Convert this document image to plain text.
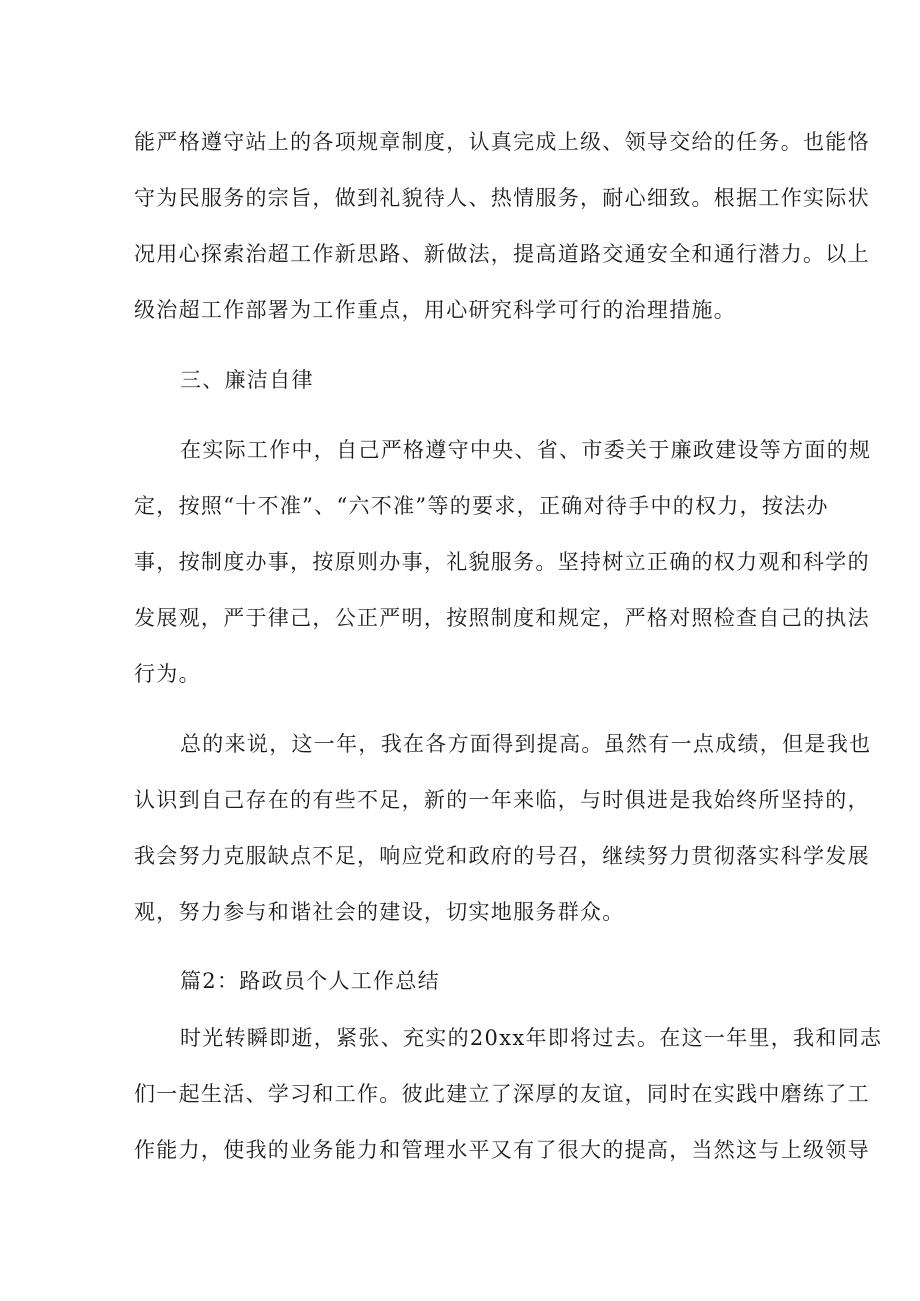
能严格遵守站上的各项规章制度，认真完成上级、领导交给的任务。也能恪
守为民服务的宗旨，做到礼貌待人、热情服务，耐心细致。根据工作实际状
况用心探索治超工作新思路、新做法，提高道路交通安全和通行潜力。以上
级治超工作部署为工作重点，用心研究科学可行的治理措施。
三、廉洁自律
在实际工作中，自己严格遵守中央、省、市委关于廉政建设等方面的规
定，按照“十不准”、“六不准”等的要求，正确对待手中的权力，按法办
事，按制度办事，按原则办事，礼貌服务。坚持树立正确的权力观和科学的
发展观，严于律己，公正严明，按照制度和规定，严格对照检查自己的执法
行为。
总的来说，这一年，我在各方面得到提高。虽然有一点成绩，但是我也
认识到自己存在的有些不足，新的一年来临，与时俱进是我始终所坚持的，
我会努力克服缺点不足，响应党和政府的号召，继续努力贯彻落实科学发展
观，努力参与和谐社会的建设，切实地服务群众。
篇2：路政员个人工作总结
时光转瞬即逝，紧张、充实的20xx年即将过去。在这一年里，我和同志
们一起生活、学习和工作。彼此建立了深厚的友谊，同时在实践中磨练了工
作能力，使我的业务能力和管理水平又有了很大的提高，当然这与上级领导
